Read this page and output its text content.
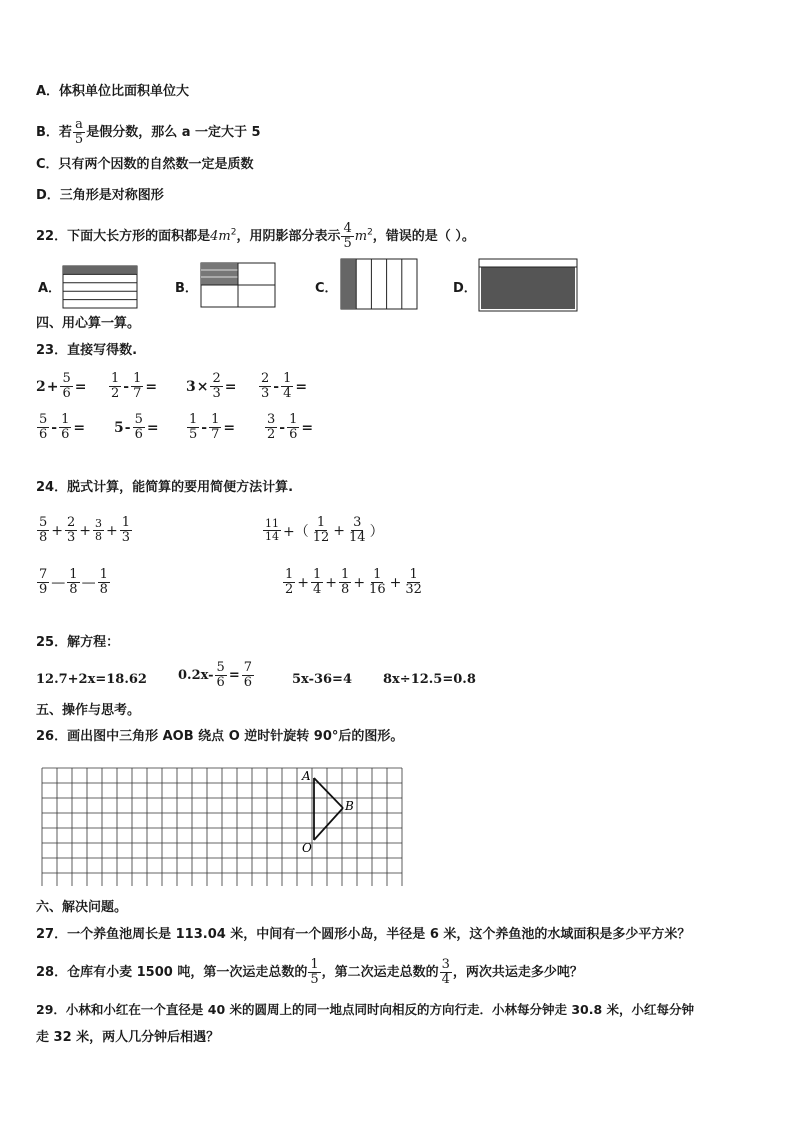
A．体积单位比面积单位大
B．若 $\frac{a}{5}$ 是假分数，那么 a 一定大于 5
C．只有两个因数的自然数一定是质数
D．三角形是对称图形
22．下面大长方形的面积都是$4m^2$，用阴影部分表示 $\frac{4}{5} m^2$，错误的是（ ）。
A．	B．	C．	D．
四、用心算一算。
23．直接写得数.
$2 + \frac{5}{6} = \frac{1}{2} - \frac{1}{7} = 3 \times \frac{2}{3} = \frac{2}{3} - \frac{1}{4}$ =
$\frac{5}{6} - \frac{1}{6} = 5 - \frac{5}{6} = \frac{1}{5} - \frac{1}{7} = \frac{3}{2} - \frac{1}{6}$ =
24．脱式计算，能简算的要用简便方法计算.
$\frac{5}{8} + \frac{2}{3} + \frac{3}{8} + \frac{1}{3}$	$\frac{11}{14}$ +（ $\frac{1}{12} + \frac{3}{14}$ ）
$\frac{7}{9}$ — $\frac{1}{8}$ — $\frac{1}{8}$	$\frac{1}{2} + \frac{1}{4} + \frac{1}{8} + \frac{1}{16} + \frac{1}{32}$
25．解方程：
12.7+2x=18.62 $0.2x- \frac{5}{6} = \frac{7}{6}$	5x-36=4 8x÷12.5=0.8
五、操作与思考。
26．画出图中三角形 AOB 绕点 O 逆时针旋转 90°后的图形。
A
B
O
六、解决问题。
27．一个养鱼池周长是 113.04 米，中间有一个圆形小岛，半径是 6 米，这个养鱼池的水域面积是多少平方米？
28．仓库有小麦 1500 吨，第一次运走总数的 $\frac{1}{5}$ ，第二次运走总数的 $\frac{3}{4}$ ，两次共运走多少吨？
29．小林和小红在一个直径是 40 米的圆周上的同一地点同时向相反的方向行走．小林每分钟走 30.8 米，小红每分钟
走 32 米，两人几分钟后相遇？
